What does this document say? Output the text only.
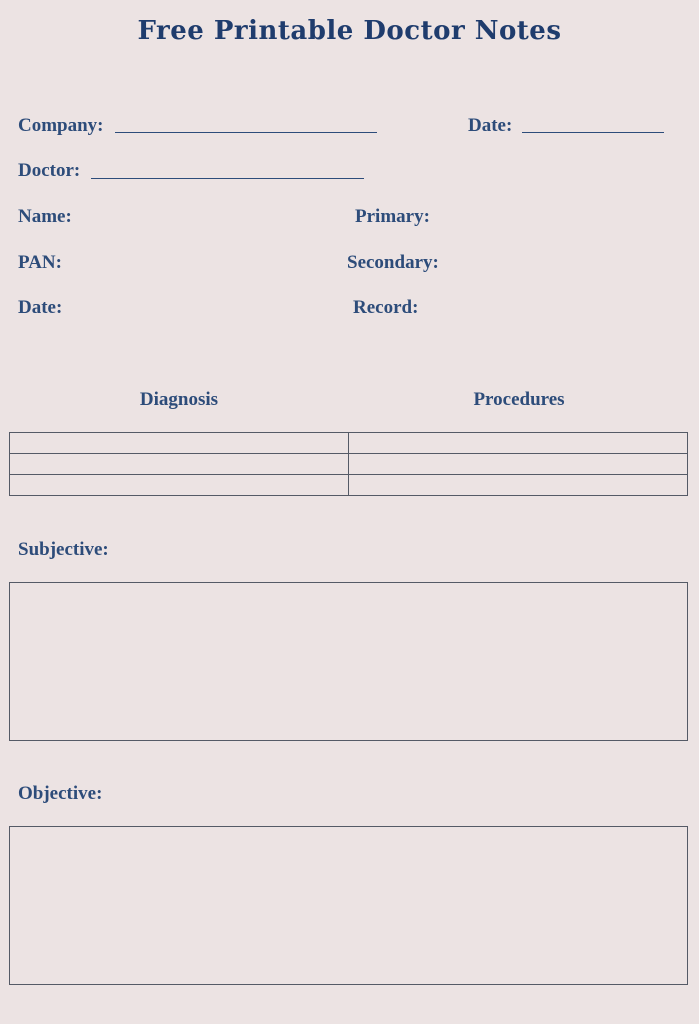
Free Printable Doctor Notes
Company:	Date:
Doctor:
Name:	Primary:
PAN:	Secondary:
Date:	Record:
Diagnosis	Procedures

Subjective:
Objective:
